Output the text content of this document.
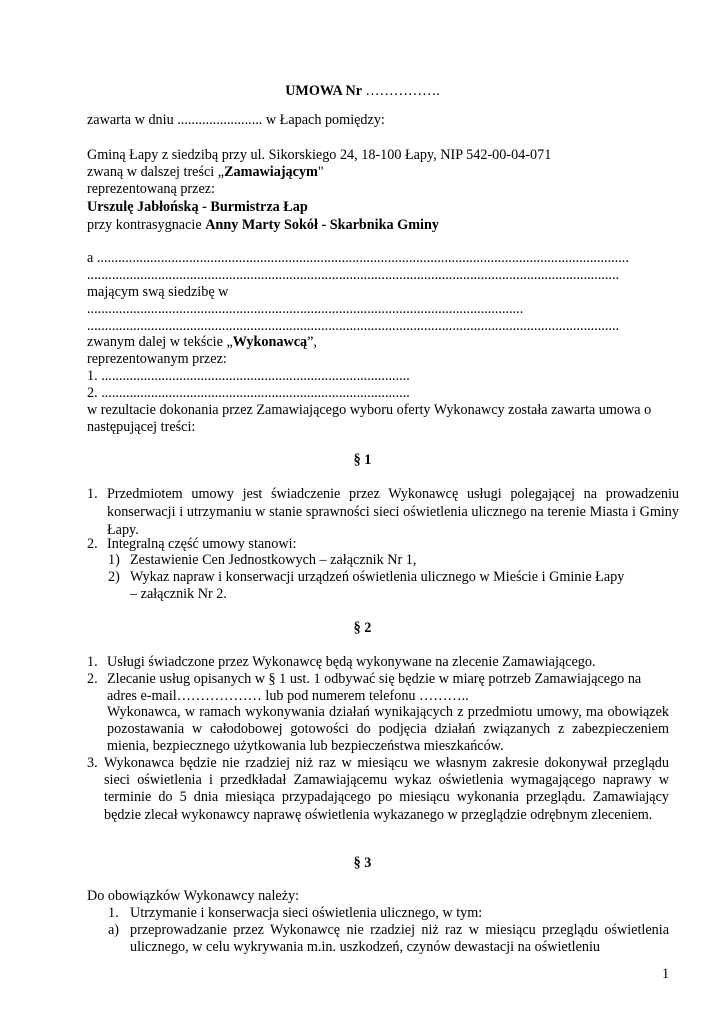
UMOWA Nr …………….
zawarta w dniu ........................ w Łapach pomiędzy:
Gminą Łapy z siedzibą przy ul. Sikorskiego 24, 18-100 Łapy, NIP 542-00-04-071
zwaną w dalszej treści „Zamawiającym"
reprezentowaną przez:
Urszulę Jabłońską - Burmistrza Łap
przy kontrasygnacie Anny Marty Sokół - Skarbnika Gminy
a ......................................................................................................................................................
......................................................................................................................................................
mającym swą siedzibę w
...........................................................................................................................
......................................................................................................................................................
zwanym dalej w tekście „Wykonawcą”,
reprezentowanym przez:
1. .......................................................................................
2. .......................................................................................
w rezultacie dokonania przez Zamawiającego wyboru oferty Wykonawcy została zawarta umowa o
następującej treści:
§ 1
1. Przedmiotem umowy jest świadczenie przez Wykonawcę usługi polegającej na prowadzeniu konserwacji i utrzymaniu w stanie sprawności sieci oświetlenia ulicznego na terenie Miasta i Gminy Łapy.
2. Integralną część umowy stanowi:
1) Zestawienie Cen Jednostkowych – załącznik Nr 1,
2) Wykaz napraw i konserwacji urządzeń oświetlenia ulicznego w Mieście i Gminie Łapy
– załącznik Nr 2.
§ 2
1. Usługi świadczone przez Wykonawcę będą wykonywane na zlecenie Zamawiającego.
2. Zlecanie usług opisanych w § 1 ust. 1 odbywać się będzie w miarę potrzeb Zamawiającego na
adres e-mail……………… lub pod numerem telefonu ………..
Wykonawca, w ramach wykonywania działań wynikających z przedmiotu umowy, ma obowiązek pozostawania w całodobowej gotowości do podjęcia działań związanych z zabezpieczeniem mienia, bezpiecznego użytkowania lub bezpieczeństwa mieszkańców.
3. Wykonawca będzie nie rzadziej niż raz w miesiącu we własnym zakresie dokonywał przeglądu sieci oświetlenia i przedkładał Zamawiającemu wykaz oświetlenia wymagającego naprawy w terminie do 5 dnia miesiąca przypadającego po miesiącu wykonania przeglądu. Zamawiający będzie zlecał wykonawcy naprawę oświetlenia wykazanego w przeglądzie odrębnym zleceniem.
§ 3
Do obowiązków Wykonawcy należy:
1. Utrzymanie i konserwacja sieci oświetlenia ulicznego, w tym:
a) przeprowadzanie przez Wykonawcę nie rzadziej niż raz w miesiącu przeglądu oświetlenia ulicznego, w celu wykrywania m.in. uszkodzeń, czynów dewastacji na oświetleniu
1
